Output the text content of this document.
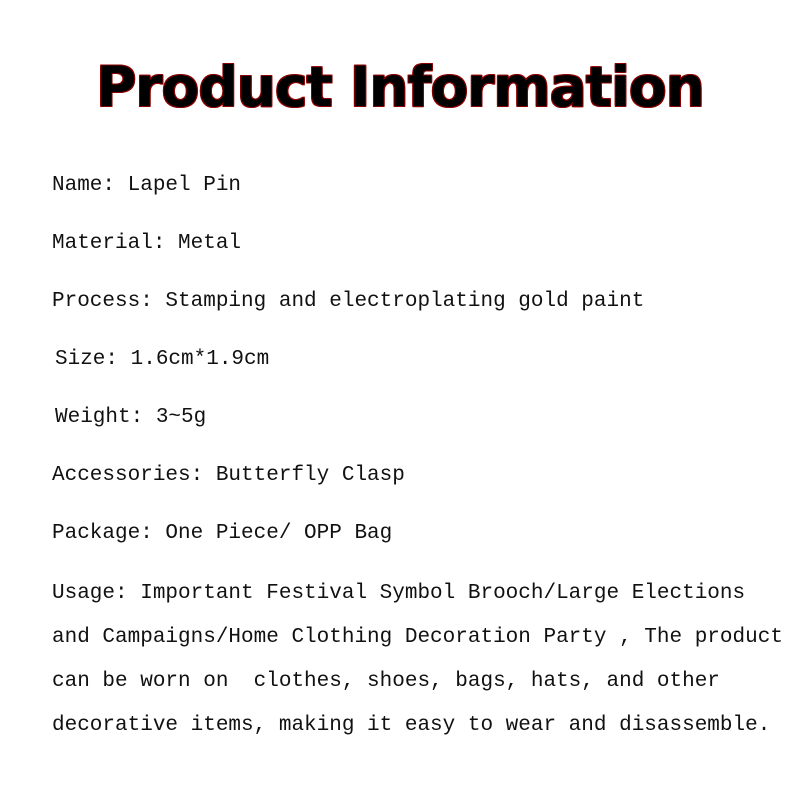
Product Information
Name: Lapel Pin
Material: Metal
Process: Stamping and electroplating gold paint
Size: 1.6cm*1.9cm
Weight: 3~5g
Accessories: Butterfly Clasp
Package: One Piece/ OPP Bag
Usage: Important Festival Symbol Brooch/Large Elections
and Campaigns/Home Clothing Decoration Party , The product
can be worn on  clothes, shoes, bags, hats, and other
decorative items, making it easy to wear and disassemble.
